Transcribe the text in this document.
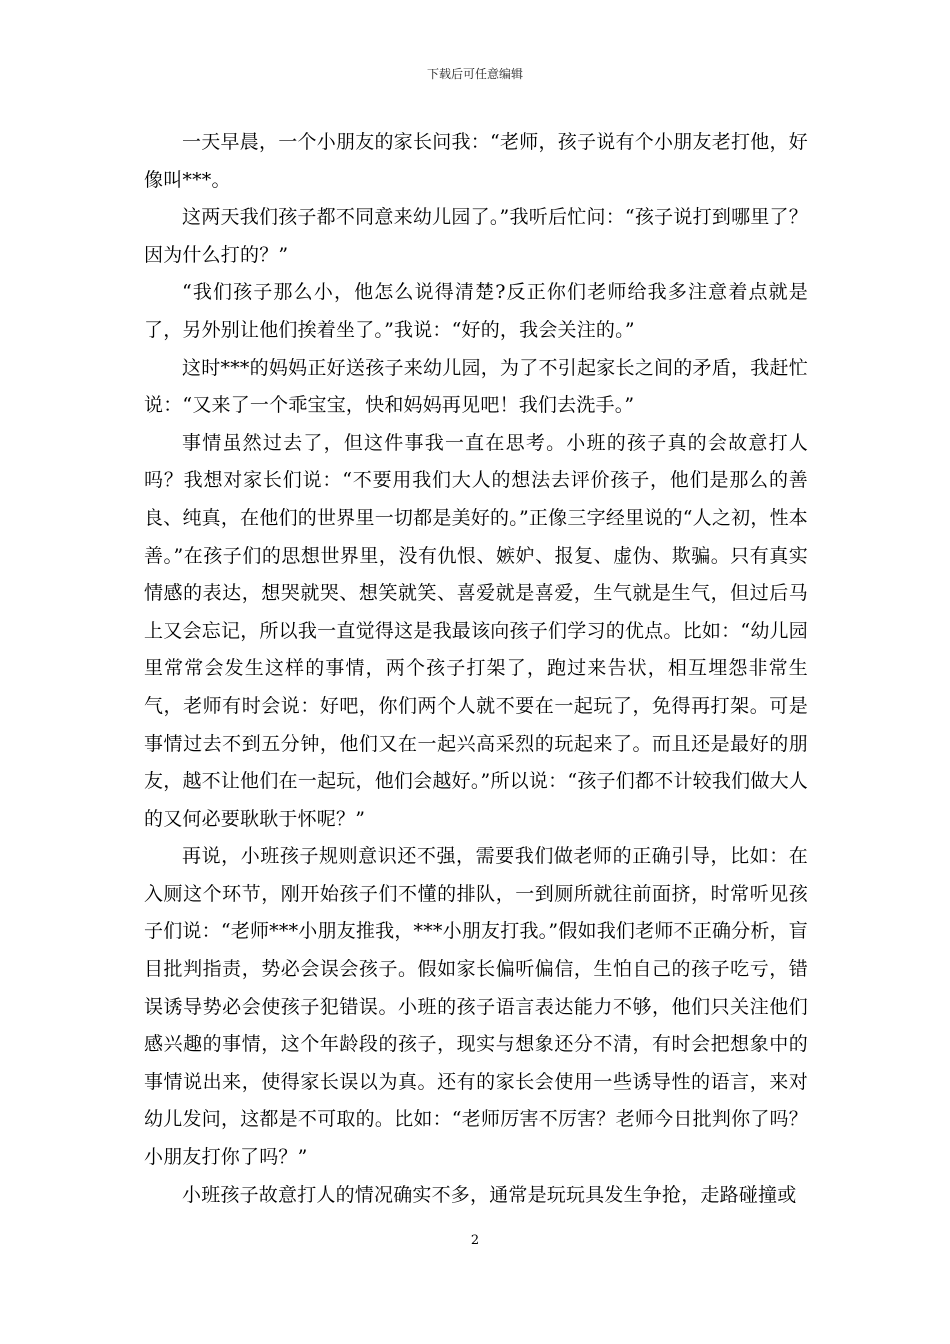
下载后可任意编辑

一天早晨，一个小朋友的家长问我：“老师，孩子说有个小朋友老打他，好像叫***。

这两天我们孩子都不同意来幼儿园了。”我听后忙问：“孩子说打到哪里了？因为什么打的？”

“我们孩子那么小，他怎么说得清楚?反正你们老师给我多注意着点就是了，另外别让他们挨着坐了。”我说：“好的，我会关注的。”

这时***的妈妈正好送孩子来幼儿园，为了不引起家长之间的矛盾，我赶忙说：“又来了一个乖宝宝，快和妈妈再见吧！我们去洗手。”

事情虽然过去了，但这件事我一直在思考。小班的孩子真的会故意打人吗？我想对家长们说：“不要用我们大人的想法去评价孩子，他们是那么的善良、纯真，在他们的世界里一切都是美好的。”正像三字经里说的“人之初，性本善。”在孩子们的思想世界里，没有仇恨、嫉妒、报复、虚伪、欺骗。只有真实情感的表达，想哭就哭、想笑就笑、喜爱就是喜爱，生气就是生气，但过后马上又会忘记，所以我一直觉得这是我最该向孩子们学习的优点。比如：“幼儿园里常常会发生这样的事情，两个孩子打架了，跑过来告状，相互埋怨非常生气，老师有时会说：好吧，你们两个人就不要在一起玩了，免得再打架。可是事情过去不到五分钟，他们又在一起兴高采烈的玩起来了。而且还是最好的朋友，越不让他们在一起玩，他们会越好。”所以说：“孩子们都不计较我们做大人的又何必要耿耿于怀呢？”

再说，小班孩子规则意识还不强，需要我们做老师的正确引导，比如：在入厕这个环节，刚开始孩子们不懂的排队，一到厕所就往前面挤，时常听见孩子们说：“老师***小朋友推我，***小朋友打我。”假如我们老师不正确分析，盲目批判指责，势必会误会孩子。假如家长偏听偏信，生怕自己的孩子吃亏，错误诱导势必会使孩子犯错误。小班的孩子语言表达能力不够，他们只关注他们感兴趣的事情，这个年龄段的孩子，现实与想象还分不清，有时会把想象中的事情说出来，使得家长误以为真。还有的家长会使用一些诱导性的语言，来对幼儿发问，这都是不可取的。比如：“老师厉害不厉害？老师今日批判你了吗？小朋友打你了吗？”

小班孩子故意打人的情况确实不多，通常是玩玩具发生争抢，走路碰撞或

2
